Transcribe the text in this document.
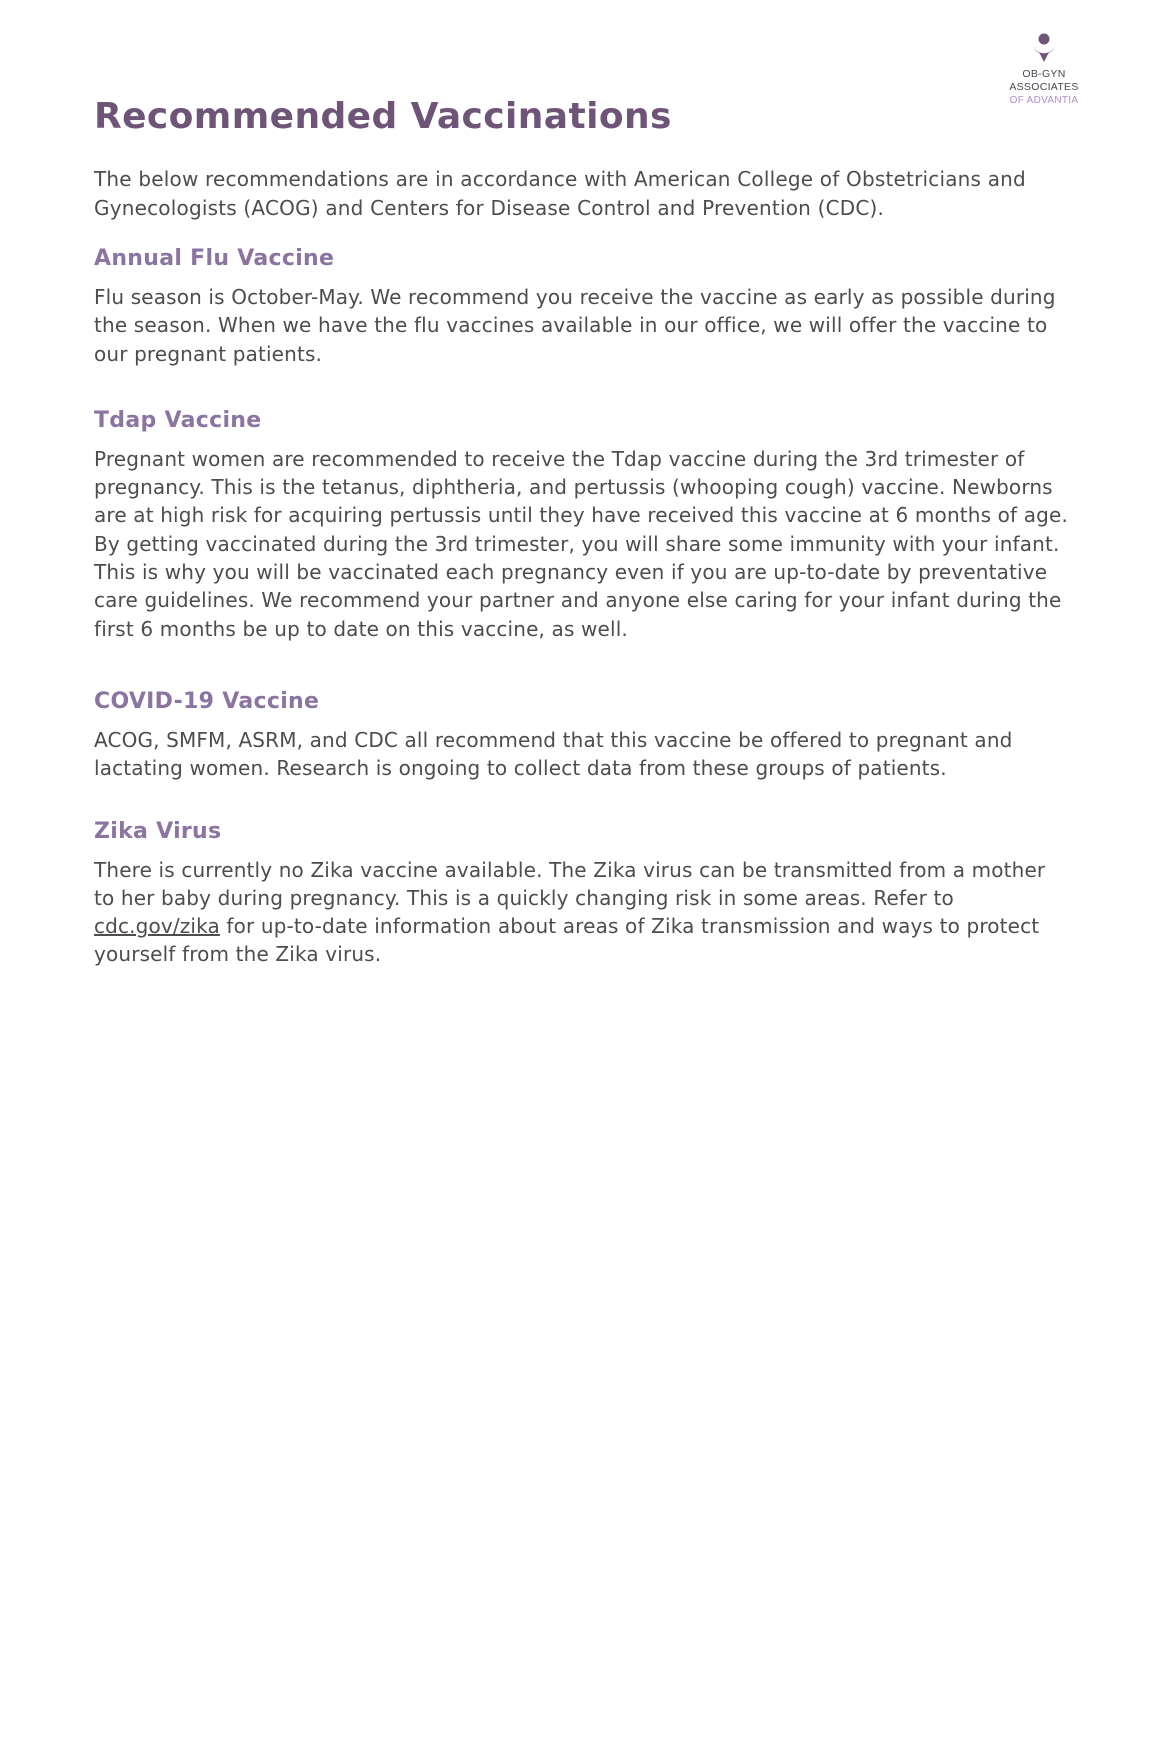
OB-GYN
ASSOCIATES
OF ADVANTIA
Recommended Vaccinations

The below recommendations are in accordance with American College of Obstetricians and Gynecologists (ACOG) and Centers for Disease Control and Prevention (CDC).

Annual Flu Vaccine

Flu season is October-May. We recommend you receive the vaccine as early as possible during the season. When we have the flu vaccines available in our office, we will offer the vaccine to our pregnant patients.

Tdap Vaccine

Pregnant women are recommended to receive the Tdap vaccine during the 3rd trimester of pregnancy. This is the tetanus, diphtheria, and pertussis (whooping cough) vaccine. Newborns are at high risk for acquiring pertussis until they have received this vaccine at 6 months of age. By getting vaccinated during the 3rd trimester, you will share some immunity with your infant. This is why you will be vaccinated each pregnancy even if you are up-to-date by preventative care guidelines. We recommend your partner and anyone else caring for your infant during the first 6 months be up to date on this vaccine, as well.

COVID-19 Vaccine

ACOG, SMFM, ASRM, and CDC all recommend that this vaccine be offered to pregnant and lactating women. Research is ongoing to collect data from these groups of patients.

Zika Virus

There is currently no Zika vaccine available. The Zika virus can be transmitted from a mother to her baby during pregnancy. This is a quickly changing risk in some areas. Refer to cdc.gov/zika for up-to-date information about areas of Zika transmission and ways to protect yourself from the Zika virus.
